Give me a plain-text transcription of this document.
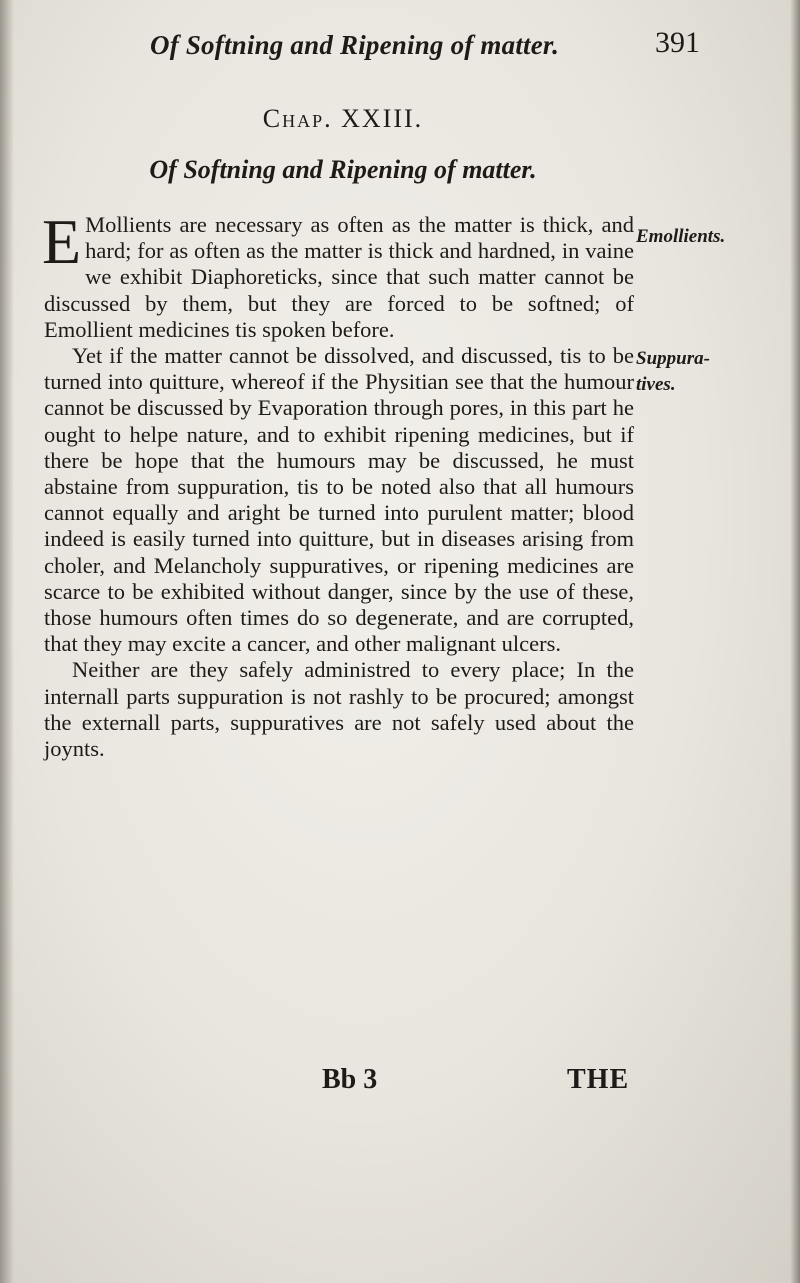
Of Softning and Ripening of matter.	391
Chap. XXIII.
Of Softning and Ripening of matter.
Emollients.
Suppura-
tives.

E Mollients are necessary as often as the matter is thick, and hard; for as often as the matter is thick and hardned, in vaine we exhibit Diaphoreticks, since that such matter cannot be discussed by them, but they are forced to be softned; of Emollient medicines tis spoken before.

Yet if the matter cannot be dissolved, and discussed, tis to be turned into quitture, whereof if the Physitian see that the humour cannot be discussed by Evaporation through pores, in this part he ought to helpe nature, and to exhibit ripening medicines, but if there be hope that the humours may be discussed, he must abstaine from suppuration, tis to be noted also that all humours cannot equally and aright be turned into purulent matter; blood indeed is easily turned into quitture, but in diseases arising from choler, and Melancholy suppuratives, or ripening medicines are scarce to be exhibited without danger, since by the use of these, those humours often times do so degenerate, and are corrupted, that they may excite a cancer, and other malignant ulcers.

Neither are they safely administred to every place; In the internall parts suppuration is not rashly to be procured; amongst the externall parts, suppuratives are not safely used about the joynts.

Bb 3	THE
